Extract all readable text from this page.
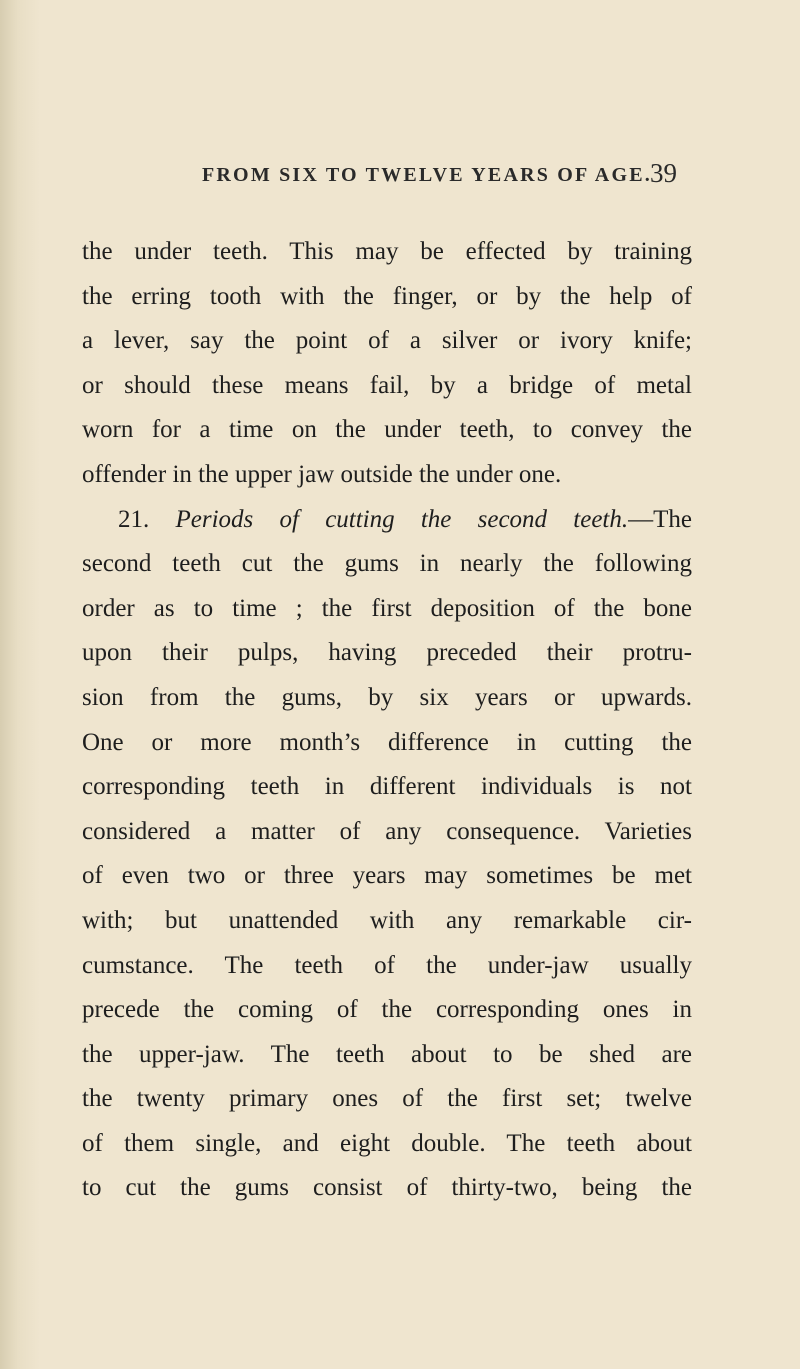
FROM SIX TO TWELVE YEARS OF AGE.
39
the under teeth. This may be effected by training
the erring tooth with the finger, or by the help of
a lever, say the point of a silver or ivory knife;
or should these means fail, by a bridge of metal
worn for a time on the under teeth, to convey the
offender in the upper jaw outside the under one.
21. Periods of cutting the second teeth.—The
second teeth cut the gums in nearly the following
order as to time ; the first deposition of the bone
upon their pulps, having preceded their protru-
sion from the gums, by six years or upwards.
One or more month’s difference in cutting the
corresponding teeth in different individuals is not
considered a matter of any consequence. Varieties
of even two or three years may sometimes be met
with; but unattended with any remarkable cir-
cumstance. The teeth of the under-jaw usually
precede the coming of the corresponding ones in
the upper-jaw. The teeth about to be shed are
the twenty primary ones of the first set; twelve
of them single, and eight double. The teeth about
to cut the gums consist of thirty-two, being the
